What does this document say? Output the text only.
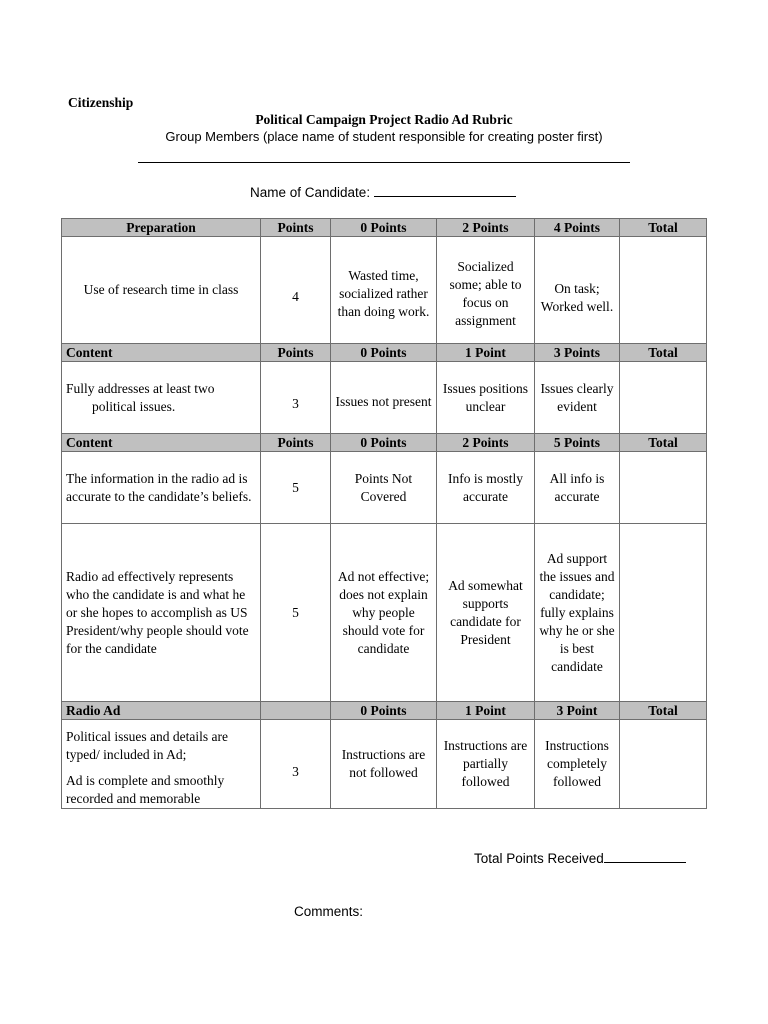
Citizenship
Political Campaign Project Radio Ad Rubric
Group Members (place name of student responsible for creating poster first)
Name of Candidate:
Preparation	Points	0 Points	2 Points	4 Points	Total
Use of research time in class	4	Wasted time, socialized rather than doing work.	Socialized some; able to focus on assignment	On task; Worked well.	
Content	Points	0 Points	1 Point	3 Points	Total

Fully addresses at least two
political issues.	3	Issues not present	Issues positions unclear	Issues clearly evident	
Content	Points	0 Points	2 Points	5 Points	Total
The information in the radio ad is accurate to the candidate’s beliefs.	5	Points Not Covered	Info is mostly accurate	All info is accurate	
Radio ad effectively represents who the candidate is and what he or she hopes to accomplish as US President/why people should vote for the candidate	5	Ad not effective; does not explain why people should vote for candidate	Ad somewhat supports candidate for President	Ad support the issues and candidate; fully explains why he or she is best candidate	
Radio Ad		0 Points	1 Point	3 Point	Total

Political issues and details are typed/ included in Ad;
Ad is complete and smoothly recorded and memorable	3	Instructions are not followed	Instructions are partially followed	Instructions completely followed	
Total Points Received
Comments:
